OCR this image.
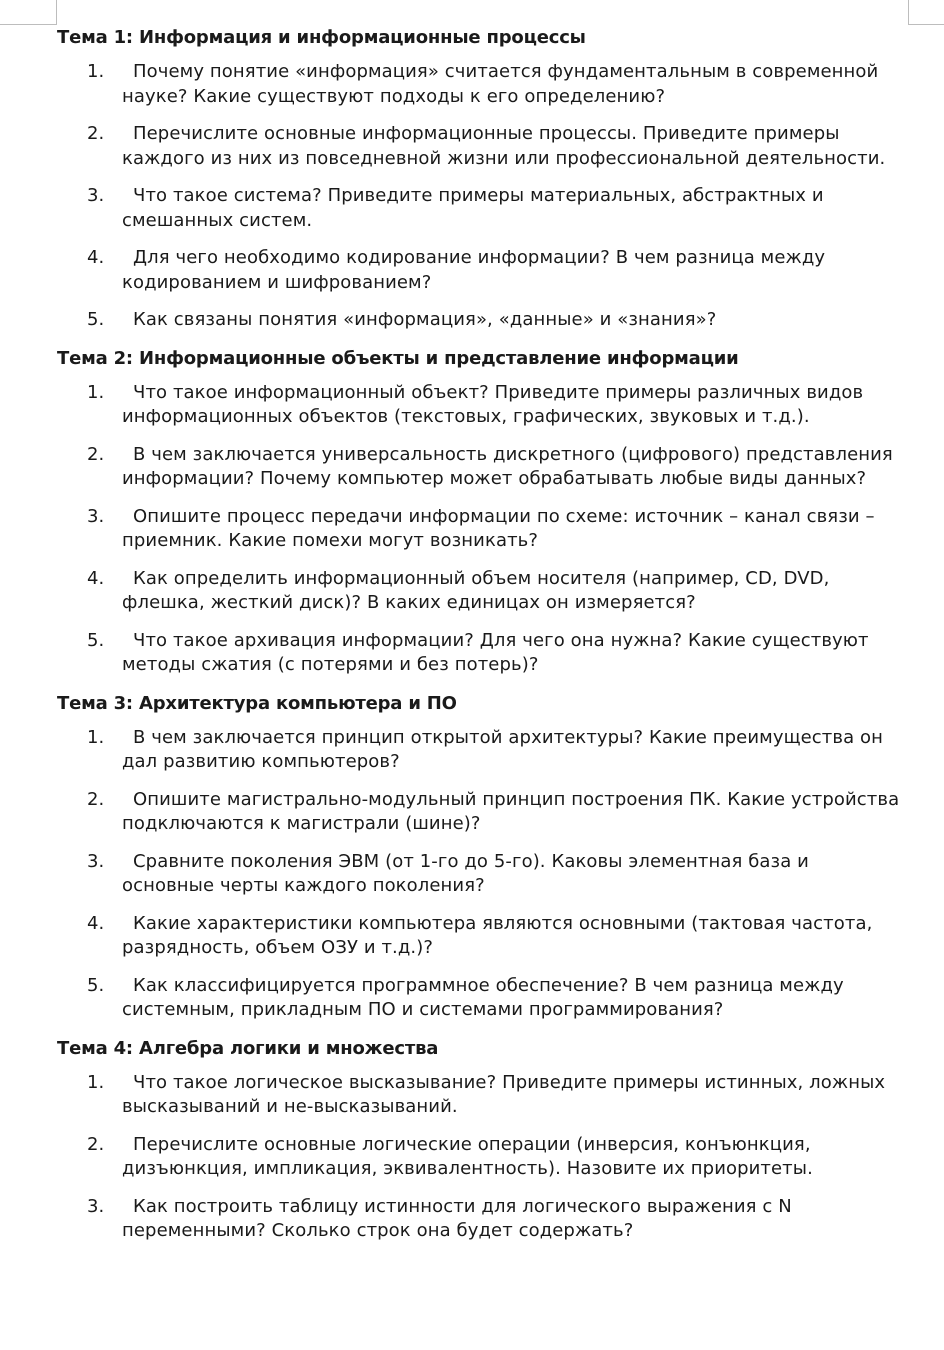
Тема 1: Информация и информационные процессы
1.	Почему понятие «информация» считается фундаментальным в современной науке? Какие существуют подходы к его определению?
2.	Перечислите основные информационные процессы. Приведите примеры каждого из них из повседневной жизни или профессиональной деятельности.
3.	Что такое система? Приведите примеры материальных, абстрактных и смешанных систем.
4.	Для чего необходимо кодирование информации? В чем разница между кодированием и шифрованием?
5.	Как связаны понятия «информация», «данные» и «знания»?
Тема 2: Информационные объекты и представление информации
1.	Что такое информационный объект? Приведите примеры различных видов информационных объектов (текстовых, графических, звуковых и т.д.).
2.	В чем заключается универсальность дискретного (цифрового) представления информации? Почему компьютер может обрабатывать любые виды данных?
3.	Опишите процесс передачи информации по схеме: источник – канал связи – приемник. Какие помехи могут возникать?
4.	Как определить информационный объем носителя (например, CD, DVD, флешка, жесткий диск)? В каких единицах он измеряется?
5.	Что такое архивация информации? Для чего она нужна? Какие существуют методы сжатия (с потерями и без потерь)?
Тема 3: Архитектура компьютера и ПО
1.	В чем заключается принцип открытой архитектуры? Какие преимущества он дал развитию компьютеров?
2.	Опишите магистрально-модульный принцип построения ПК. Какие устройства подключаются к магистрали (шине)?
3.	Сравните поколения ЭВМ (от 1-го до 5-го). Каковы элементная база и основные черты каждого поколения?
4.	Какие характеристики компьютера являются основными (тактовая частота, разрядность, объем ОЗУ и т.д.)?
5.	Как классифицируется программное обеспечение? В чем разница между системным, прикладным ПО и системами программирования?
Тема 4: Алгебра логики и множества
1.	Что такое логическое высказывание? Приведите примеры истинных, ложных высказываний и не-высказываний.
2.	Перечислите основные логические операции (инверсия, конъюнкция, дизъюнкция, импликация, эквивалентность). Назовите их приоритеты.
3.	Как построить таблицу истинности для логического выражения с N переменными? Сколько строк она будет содержать?
